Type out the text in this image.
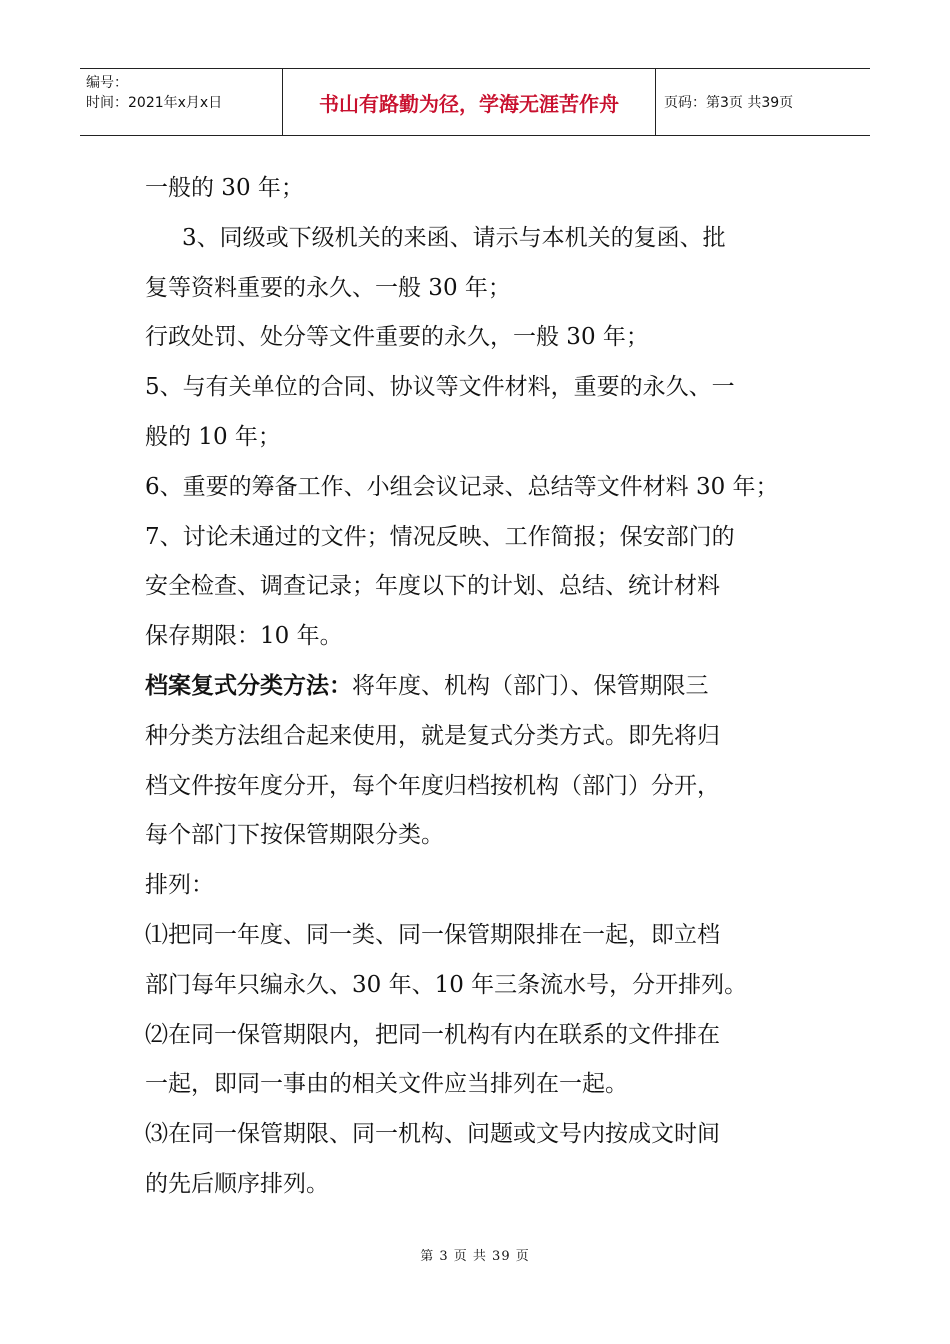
编号：
时间：2021年x月x日	书山有路勤为径，学海无涯苦作舟	页码：第3页 共39页
一般的 30 年；
3、同级或下级机关的来函、请示与本机关的复函、批
复等资料重要的永久、一般 30 年；
行政处罚、处分等文件重要的永久，一般 30 年；
5、与有关单位的合同、协议等文件材料，重要的永久、一
般的 10 年；
6、重要的筹备工作、小组会议记录、总结等文件材料 30 年；
7、讨论未通过的文件；情况反映、工作简报；保安部门的
安全检查、调查记录；年度以下的计划、总结、统计材料
保存期限：10 年。
档案复式分类方法：将年度、机构（部门）、保管期限三
种分类方法组合起来使用，就是复式分类方式。即先将归
档文件按年度分开，每个年度归档按机构（部门）分开，
每个部门下按保管期限分类。
排列：
⑴把同一年度、同一类、同一保管期限排在一起，即立档
部门每年只编永久、30 年、10 年三条流水号，分开排列。
⑵在同一保管期限内，把同一机构有内在联系的文件排在
一起，即同一事由的相关文件应当排列在一起。
⑶在同一保管期限、同一机构、问题或文号内按成文时间
的先后顺序排列。
第 3 页 共 39 页
